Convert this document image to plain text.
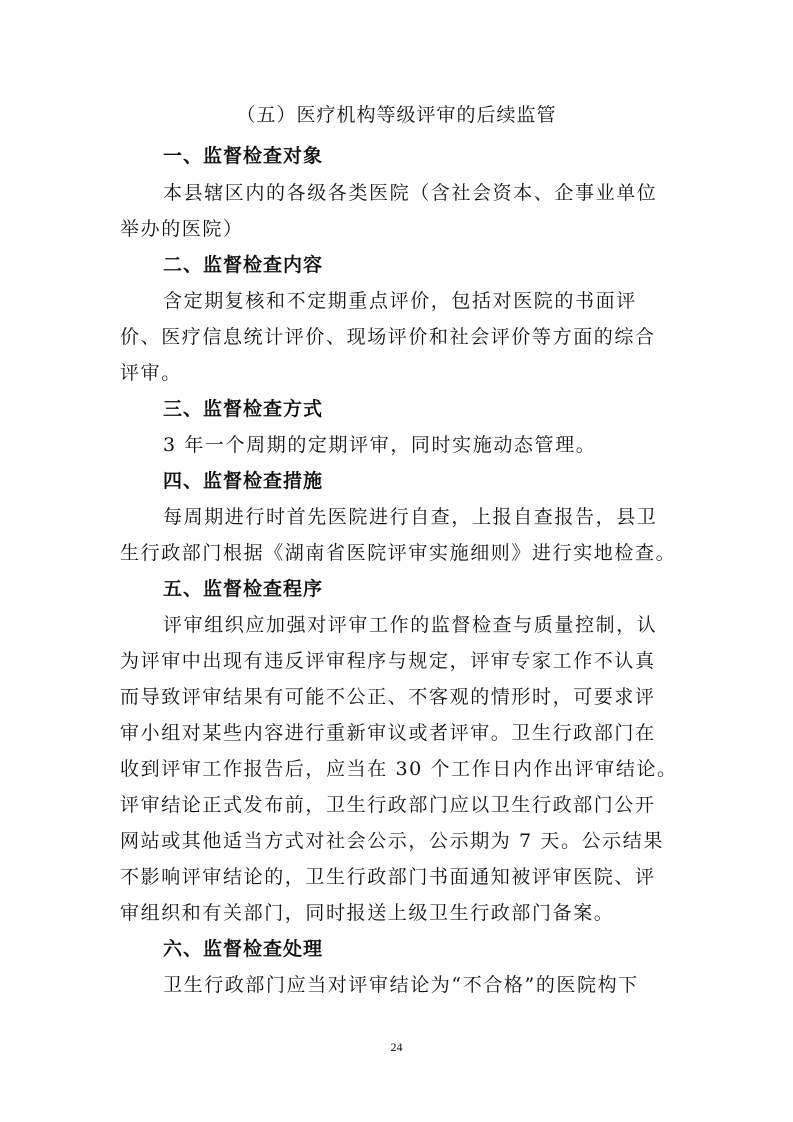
（五）医疗机构等级评审的后续监管
一、监督检查对象
本县辖区内的各级各类医院（含社会资本、企事业单位
举办的医院）
二、监督检查内容
含定期复核和不定期重点评价，包括对医院的书面评
价、医疗信息统计评价、现场评价和社会评价等方面的综合
评审。
三、监督检查方式
3 年一个周期的定期评审，同时实施动态管理。
四、监督检查措施
每周期进行时首先医院进行自查，上报自查报告，县卫
生行政部门根据《湖南省医院评审实施细则》进行实地检查。
五、监督检查程序
评审组织应加强对评审工作的监督检查与质量控制，认
为评审中出现有违反评审程序与规定，评审专家工作不认真
而导致评审结果有可能不公正、不客观的情形时，可要求评
审小组对某些内容进行重新审议或者评审。卫生行政部门在
收到评审工作报告后，应当在 30 个工作日内作出评审结论。
评审结论正式发布前，卫生行政部门应以卫生行政部门公开
网站或其他适当方式对社会公示，公示期为 7 天。公示结果
不影响评审结论的，卫生行政部门书面通知被评审医院、评
审组织和有关部门，同时报送上级卫生行政部门备案。
六、监督检查处理
卫生行政部门应当对评审结论为“不合格”的医院构下
24
